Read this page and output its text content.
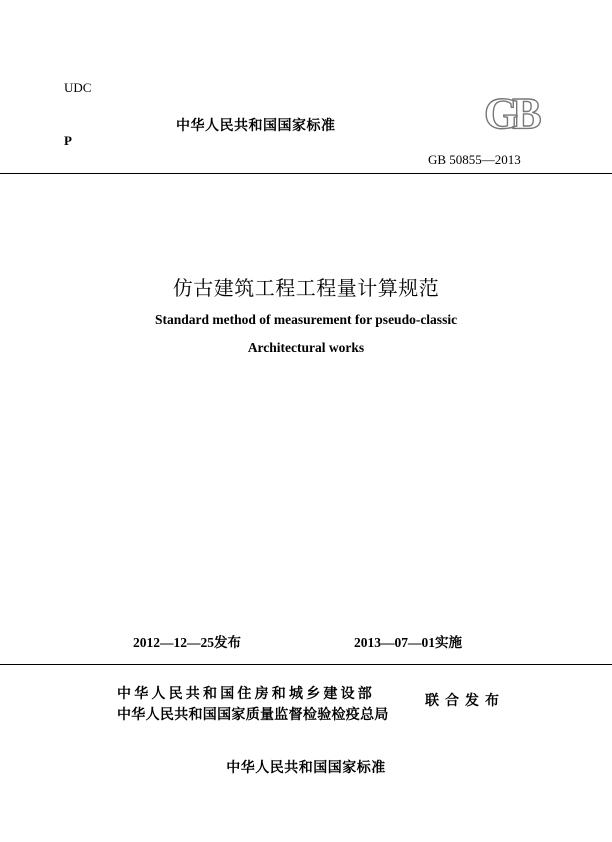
UDC
P
中华人民共和国国家标准	GB
GB 50855—2013
仿古建筑工程工程量计算规范
Standard method of measurement for pseudo-classic
Architectural works
2012—12—25发布	2013—07—01实施
中华人民共和国住房和城乡建设部
中华人民共和国国家质量监督检验检疫总局
联合发布
中华人民共和国国家标准
